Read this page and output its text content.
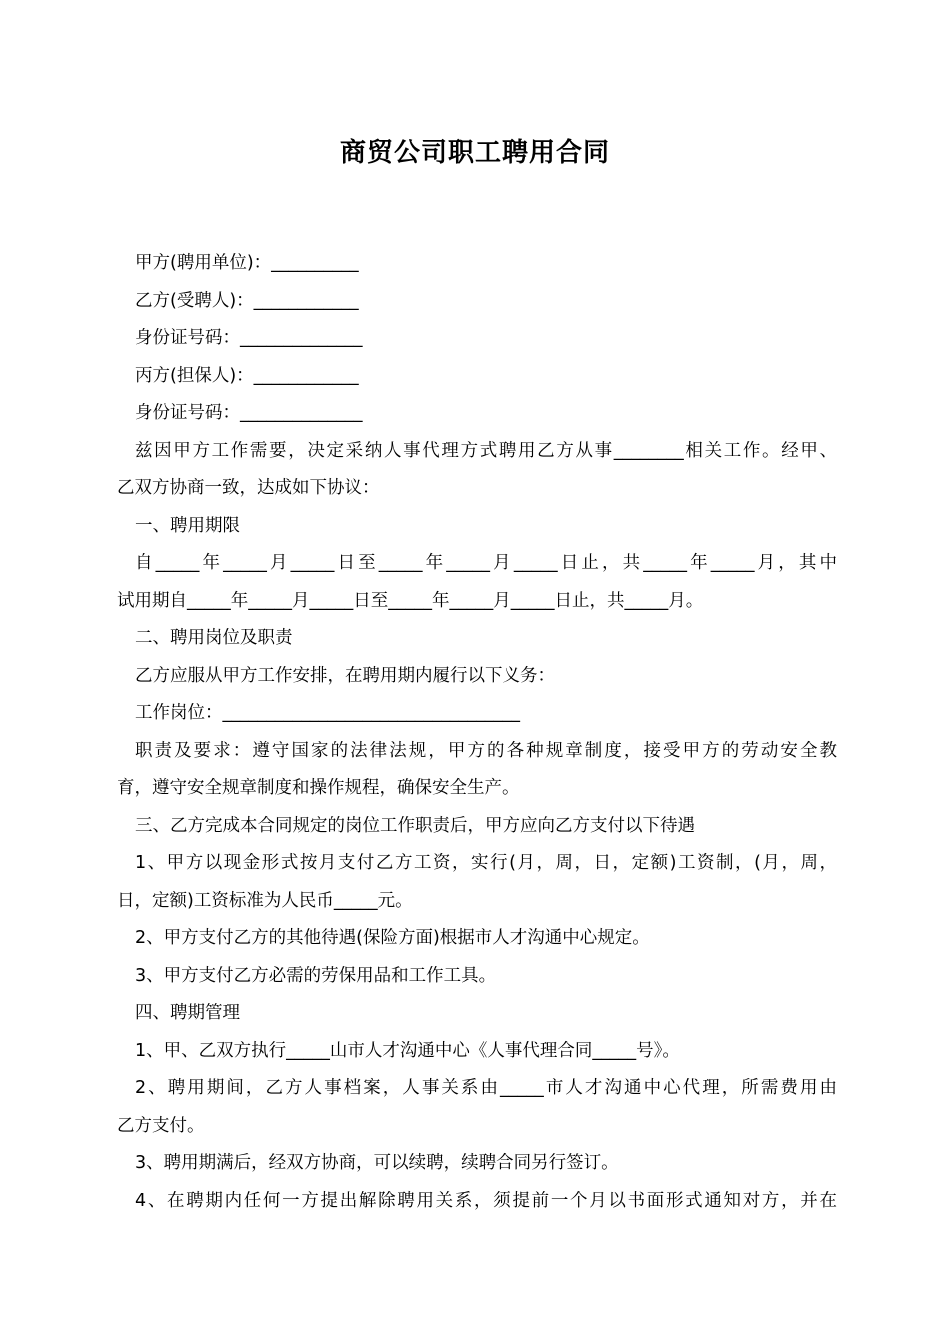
商贸公司职工聘用合同

甲方(聘用单位)：__________

乙方(受聘人)：____________

身份证号码：______________

丙方(担保人)：____________

身份证号码：______________

兹因甲方工作需要，决定采纳人事代理方式聘用乙方从事________相关工作。经甲、

乙双方协商一致，达成如下协议：

一、聘用期限

自_____年_____月_____日至_____年_____月_____日止，共_____年_____月，其中

试用期自_____年_____月_____日至_____年_____月_____日止，共_____月。

二、聘用岗位及职责

乙方应服从甲方工作安排，在聘用期内履行以下义务：

工作岗位：__________________________________

职责及要求：遵守国家的法律法规，甲方的各种规章制度，接受甲方的劳动安全教

育，遵守安全规章制度和操作规程，确保安全生产。

三、乙方完成本合同规定的岗位工作职责后，甲方应向乙方支付以下待遇

1、甲方以现金形式按月支付乙方工资，实行(月，周，日，定额)工资制，(月，周，

日，定额)工资标准为人民币_____元。

2、甲方支付乙方的其他待遇(保险方面)根据市人才沟通中心规定。

3、甲方支付乙方必需的劳保用品和工作工具。

四、聘期管理

1、甲、乙双方执行_____山市人才沟通中心《人事代理合同_____号》。

2、聘用期间，乙方人事档案，人事关系由_____市人才沟通中心代理，所需费用由

乙方支付。

3、聘用期满后，经双方协商，可以续聘，续聘合同另行签订。

4、在聘期内任何一方提出解除聘用关系，须提前一个月以书面形式通知对方，并在
